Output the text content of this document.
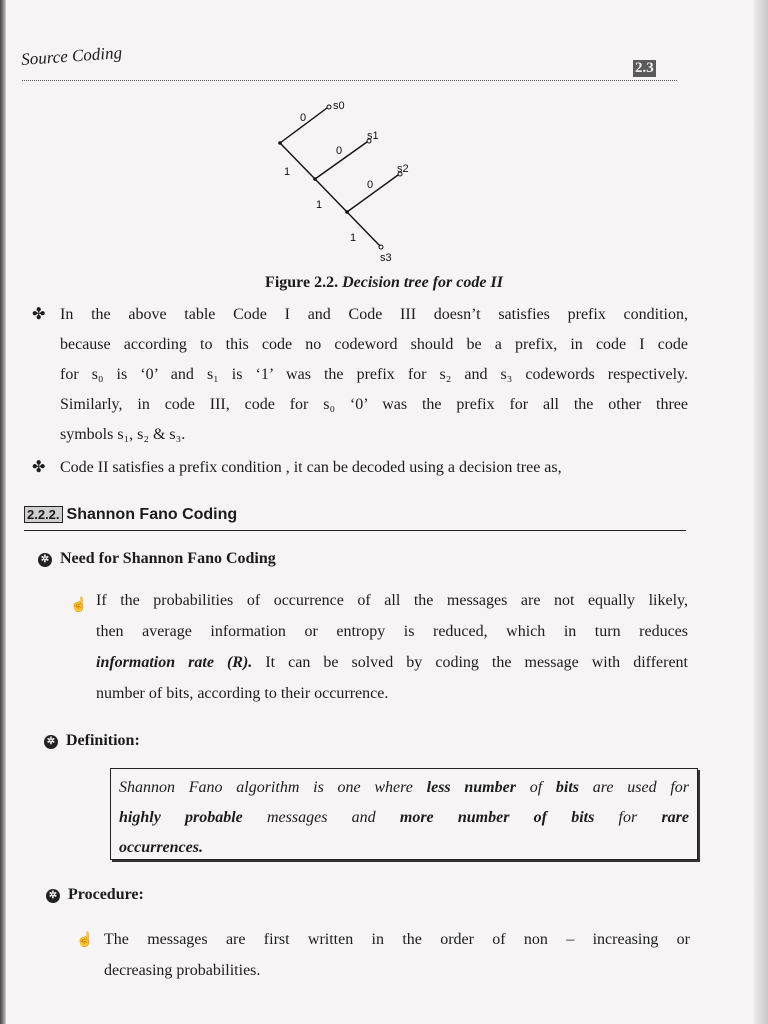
Source Coding	2.3
0
1
0
1
0
1
s0
s1
s2
s3
Figure 2.2. Decision tree for code II
✤ In the above table Code I and Code III doesn’t satisfies prefix condition,
because according to this code no codeword should be a prefix, in code I code
for s₀ is ‘0’ and s₁ is ‘1’ was the prefix for s₂ and s₃ codewords respectively.
Similarly, in code III, code for s₀ ‘0’ was the prefix for all the other three
symbols s₁, s₂ & s₃.
✤ Code II satisfies a prefix condition , it can be decoded using a decision tree as,
2.2.2. Shannon Fano Coding
✲ Need for Shannon Fano Coding
☝ If the probabilities of occurrence of all the messages are not equally likely,
then average information or entropy is reduced, which in turn reduces
information rate (R). It can be solved by coding the message with different
number of bits, according to their occurrence.
✲ Definition:
Shannon Fano algorithm is one where less number of bits are used for
highly probable messages and more number of bits for rare
occurrences.
✲ Procedure:
☝ The messages are first written in the order of non – increasing or
decreasing probabilities.
